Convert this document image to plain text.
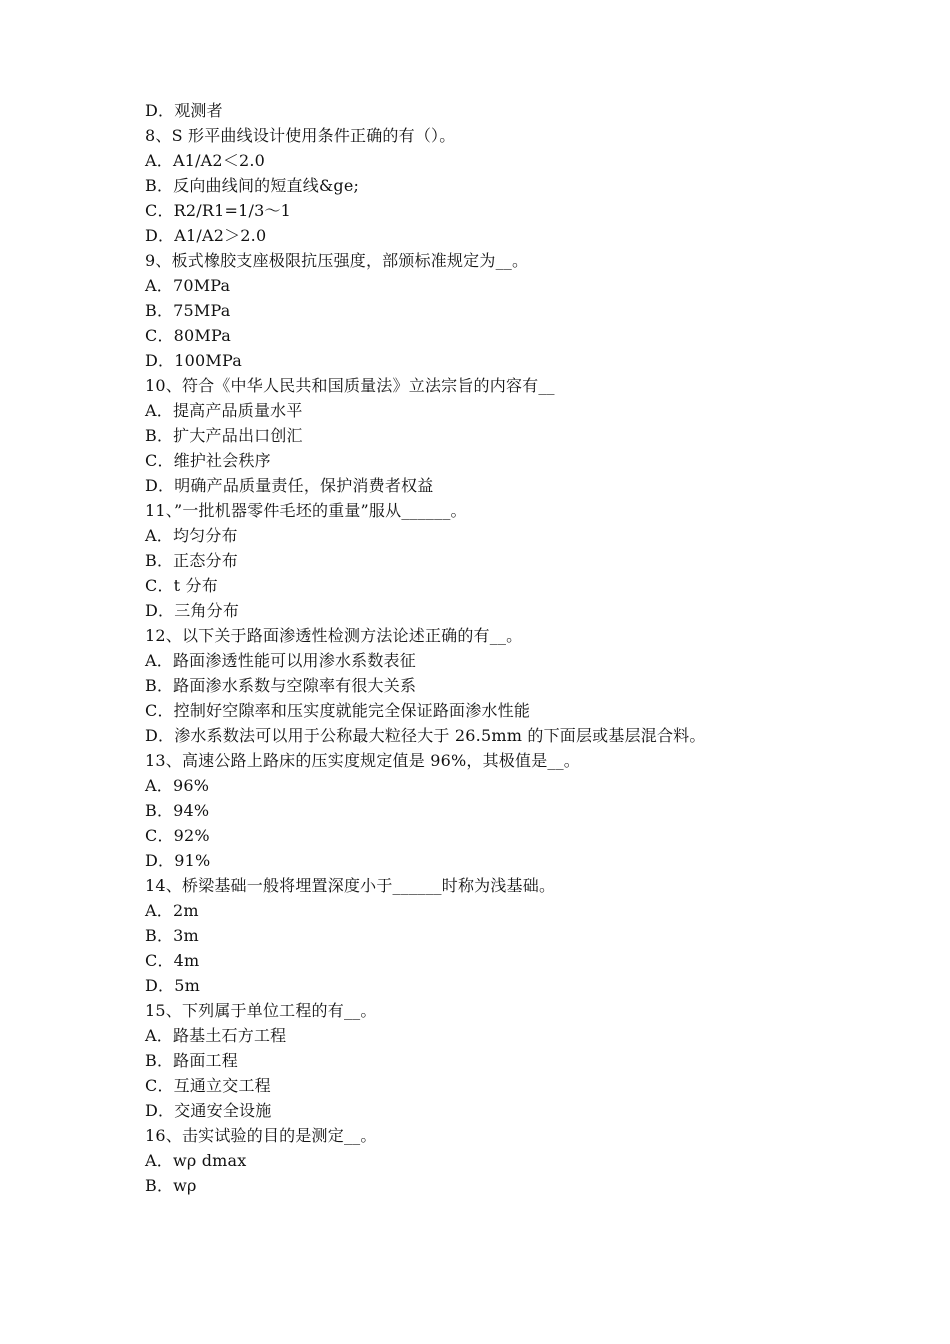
D．观测者
8、S 形平曲线设计使用条件正确的有（）。
A．A1/A2＜2.0
B．反向曲线间的短直线&ge;
C．R2/R1=1/3～1
D．A1/A2＞2.0
9、板式橡胶支座极限抗压强度，部颁标准规定为__。
A．70MPa
B．75MPa
C．80MPa
D．100MPa
10、符合《中华人民共和国质量法》立法宗旨的内容有__
A．提高产品质量水平
B．扩大产品出口创汇
C．维护社会秩序
D．明确产品质量责任，保护消费者权益
11、”一批机器零件毛坯的重量”服从______。
A．均匀分布
B．正态分布
C．t 分布
D．三角分布
12、以下关于路面渗透性检测方法论述正确的有__。
A．路面渗透性能可以用渗水系数表征
B．路面渗水系数与空隙率有很大关系
C．控制好空隙率和压实度就能完全保证路面渗水性能
D．渗水系数法可以用于公称最大粒径大于 26.5mm 的下面层或基层混合料。
13、高速公路上路床的压实度规定值是 96%，其极值是__。
A．96%
B．94%
C．92%
D．91%
14、桥梁基础一般将埋置深度小于______时称为浅基础。
A．2m
B．3m
C．4m
D．5m
15、下列属于单位工程的有__。
A．路基土石方工程
B．路面工程
C．互通立交工程
D．交通安全设施
16、击实试验的目的是测定__。
A．wρ dmax
B．wρ
